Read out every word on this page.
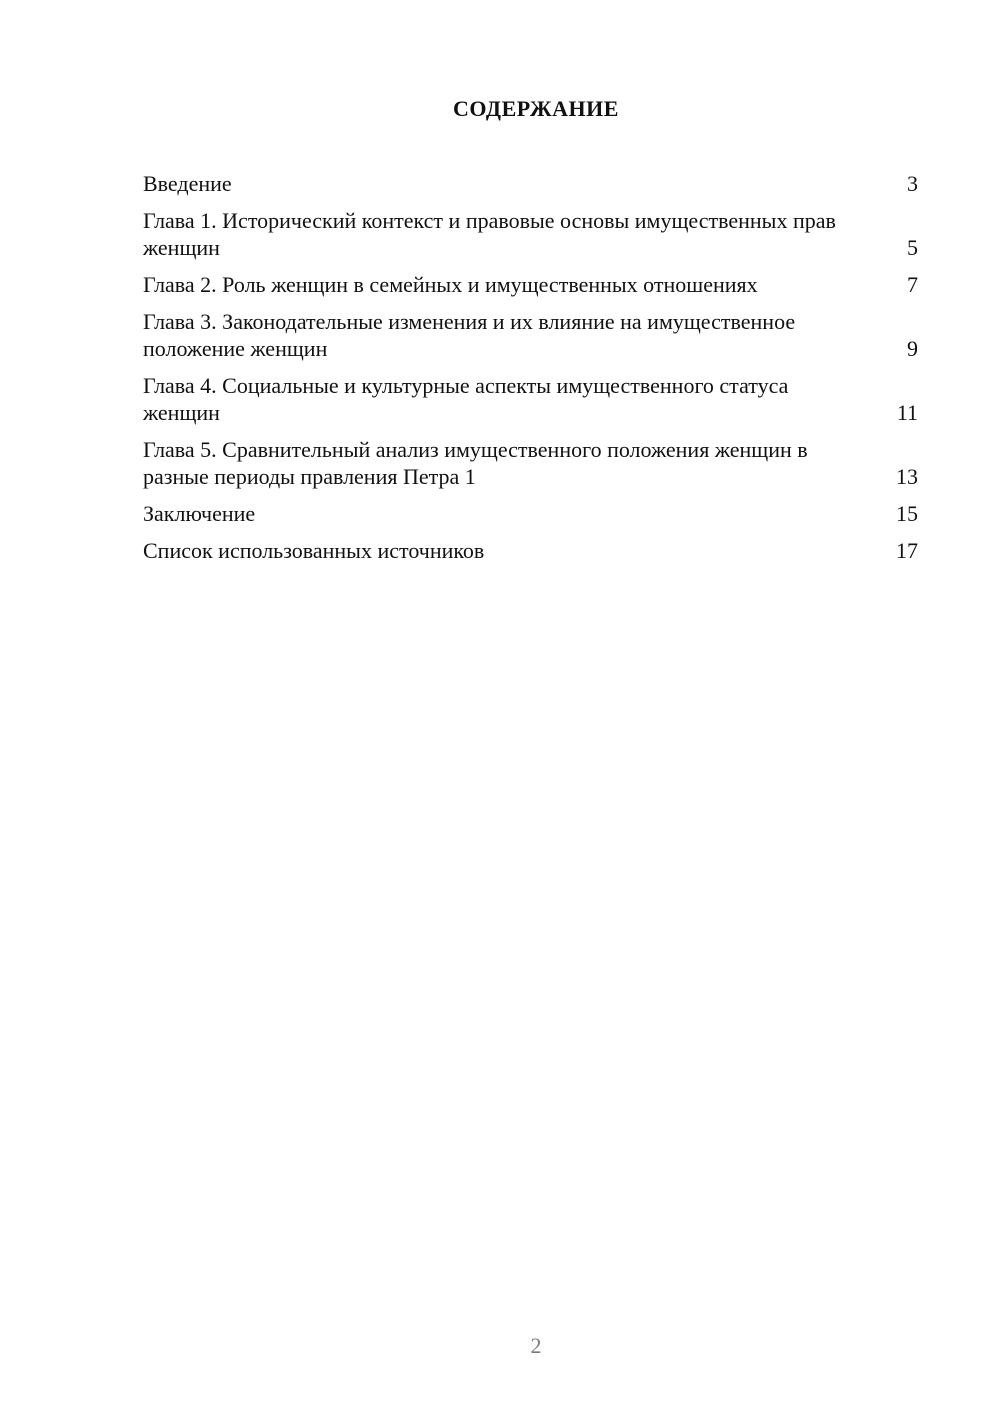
СОДЕРЖАНИЕ
Введение	3
Глава 1. Исторический контекст и правовые основы имущественных прав женщин	5
Глава 2. Роль женщин в семейных и имущественных отношениях	7
Глава 3. Законодательные изменения и их влияние на имущественное положение женщин	9
Глава 4. Социальные и культурные аспекты имущественного статуса женщин	11
Глава 5. Сравнительный анализ имущественного положения женщин в разные периоды правления Петра 1	13
Заключение	15
Список использованных источников	17
2
